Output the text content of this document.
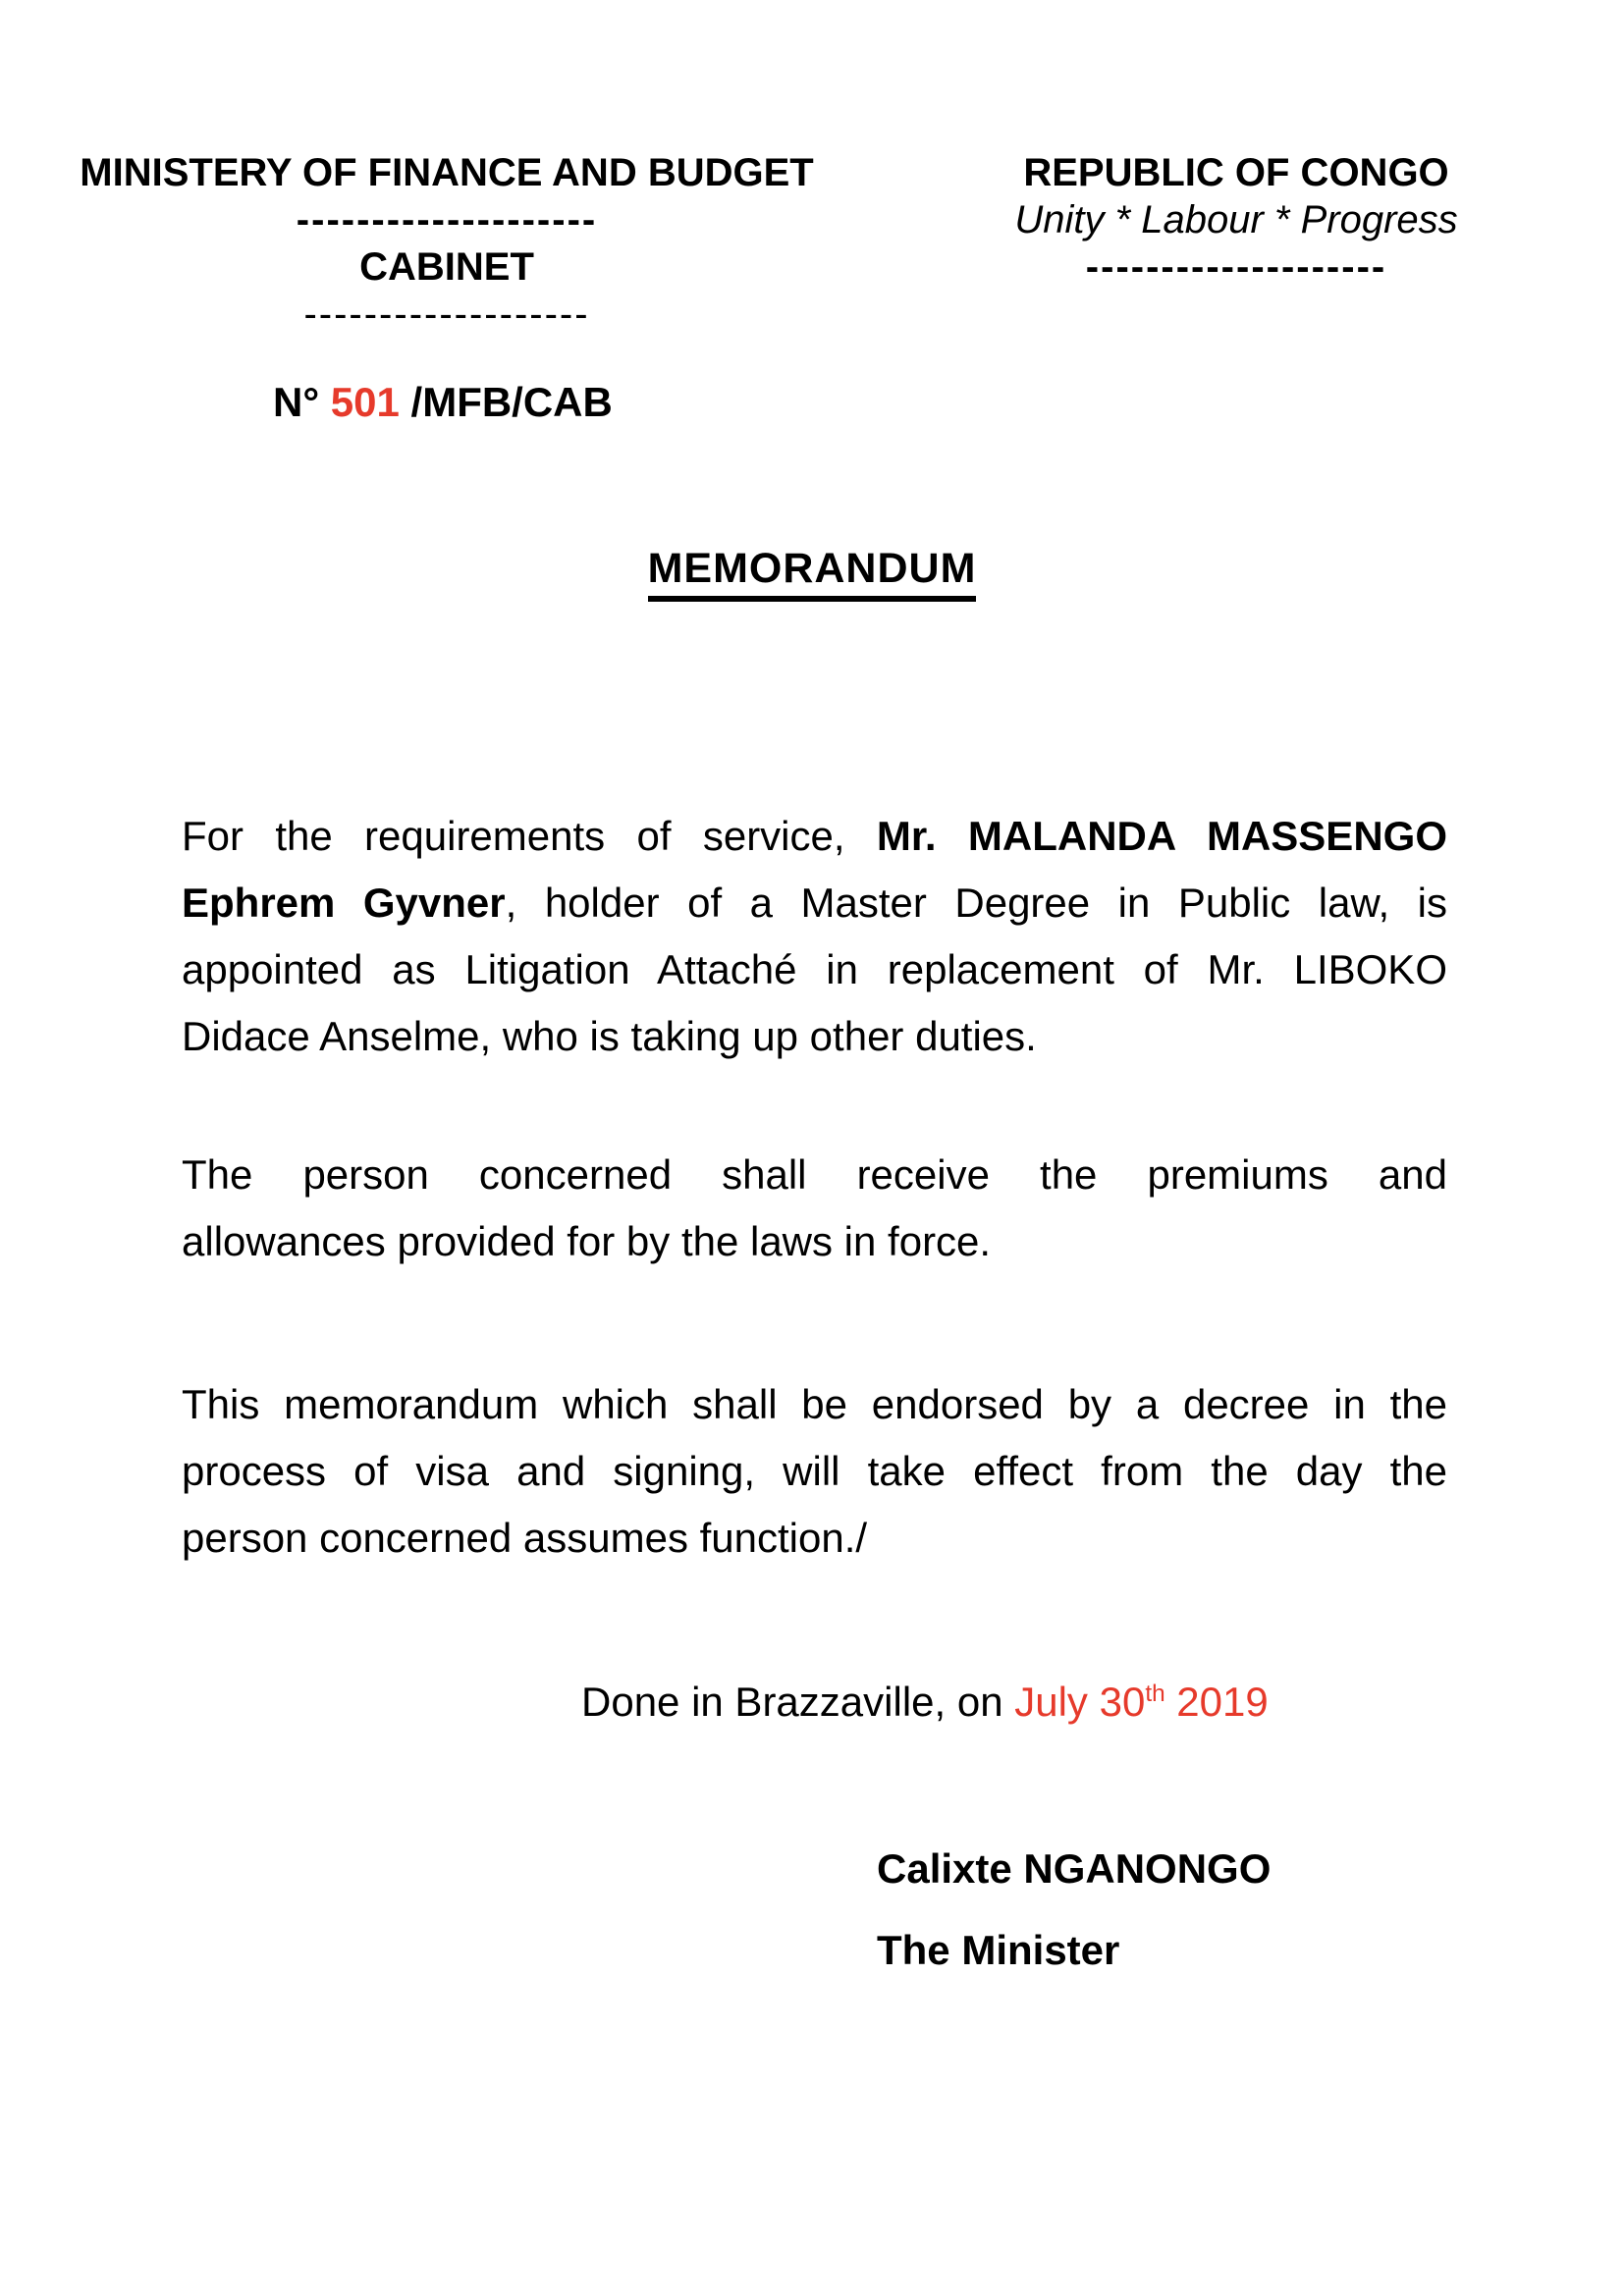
MINISTERY OF FINANCE AND BUDGET
--------------------
CABINET
-------------------
REPUBLIC OF CONGO
Unity * Labour * Progress
--------------------
N° 501 /MFB/CAB
MEMORANDUM
For the requirements of service, Mr. MALANDA MASSENGO
Ephrem Gyvner, holder of a Master Degree in Public law, is
appointed as Litigation Attaché in replacement of Mr. LIBOKO
Didace Anselme, who is taking up other duties.
The person concerned shall receive the premiums and
allowances provided for by the laws in force.
This memorandum which shall be endorsed by a decree in the
process of visa and signing, will take effect from the day the
person concerned assumes function./
Done in Brazzaville, on July 30th 2019
Calixte NGANONGO
The Minister
